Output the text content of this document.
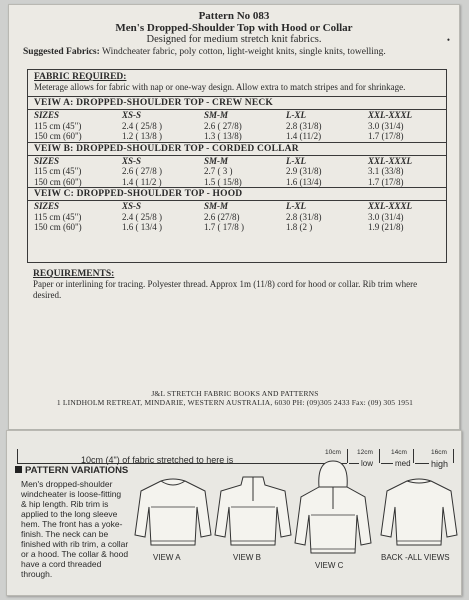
•
Pattern No 083
Men's Dropped-Shoulder Top with Hood or Collar
Designed for medium stretch knit fabrics.
Suggested Fabrics: Windcheater fabric, poly cotton, light-weight knits, single knits, towelling.
FABRIC REQUIRED:
Meterage allows for fabric with nap or one-way design. Allow extra to match stripes and for shrinkage.
VEIW A: DROPPED-SHOULDER TOP - CREW NECK
SIZES	XS-S	SM-M	L-XL	XXL-XXXL
115 cm (45")	2.4 ( 25/8 )	2.6 ( 27/8)	2.8 (31/8)	3.0 (31/4)
150 cm (60")	1.2 ( 13/8 )	1.3 ( 13/8)	1.4 (11/2)	1.7 (17/8)
VEIW B: DROPPED-SHOULDER TOP - CORDED COLLAR
SIZES	XS-S	SM-M	L-XL	XXL-XXXL
115 cm (45")	2.6 ( 27/8 )	2.7 ( 3 )	2.9 (31/8)	3.1 (33/8)
150 cm (60")	1.4 ( 11/2 )	1.5 ( 15/8)	1.6 (13/4)	1.7 (17/8)
VEIW C: DROPPED-SHOULDER TOP - HOOD
SIZES	XS-S	SM-M	L-XL	XXL-XXXL
115 cm (45")	2.4 ( 25/8 )	2.6 (27/8)	2.8 (31/8)	3.0 (31/4)
150 cm (60")	1.6 ( 13/4 )	1.7 ( 17/8 )	1.8 (2 )	1.9 (21/8)
REQUIREMENTS:
Paper or interlining for tracing. Polyester thread. Approx 1m (11/8) cord for hood or collar. Rib trim where desired.
J&L STRETCH FABRIC BOOKS AND PATTERNS
1 LINDHOLM RETREAT, MINDARIE, WESTERN AUSTRALIA, 6030 PH: (09)305 2433 Fax: (09) 305 1951
10cm (4") of fabric stretched to here is
10cm 12cm	14cm	16cm
low	med high
PATTERN VARIATIONS
Men's dropped-shoulder windcheater is loose-fitting & hip length. Rib trim is applied to the long sleeve hem. The front has a yoke-finish. The neck can be finished with rib trim, a collar or a hood. The collar & hood have a cord threaded through.
VIEW A	VIEW B
VIEW C
BACK -ALL VIEWS
